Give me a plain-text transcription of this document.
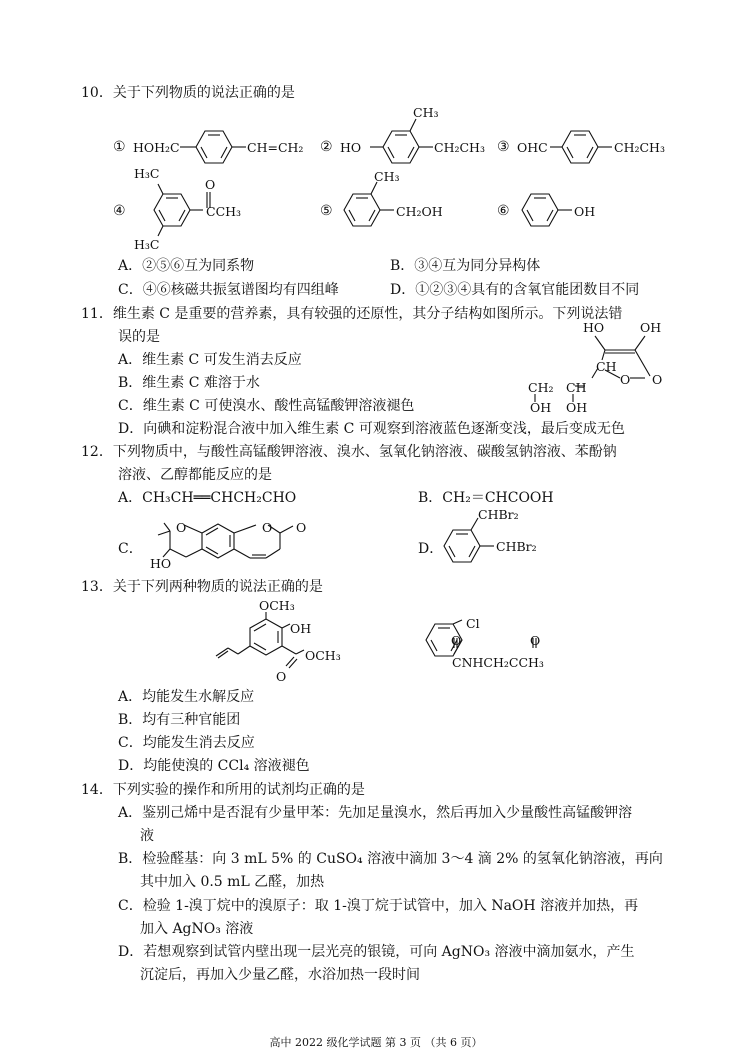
10．关于下列物质的说法正确的是
① HOH₂C	CH=CH₂ ② HO
CH₃
CH₂CH₃ ③ OHC	CH₂CH₃
④
H₃C
H₃C
O
CCH₃	⑤
CH₃
CH₂OH	⑥	OH
A．②⑤⑥互为同系物	B．③④互为同分异构体
C．④⑥核磁共振氢谱图均有四组峰	D．①②③④具有的含氧官能团数目不同
11．维生素 C 是重要的营养素，具有较强的还原性，其分子结构如图所示。下列说法错
误的是
A．维生素 C 可发生消去反应
B．维生素 C 难溶于水
C．维生素 C 可使溴水、酸性高锰酸钾溶液褪色
D．向碘和淀粉混合液中加入维生素 C 可观察到溶液蓝色逐渐变浅，最后变成无色
HO	OH
CH
O O
CH₂ CH
OH OH
12．下列物质中，与酸性高锰酸钾溶液、溴水、氢氧化钠溶液、碳酸氢钠溶液、苯酚钠
溶液、乙醇都能反应的是
A．CH₃CH══CHCH₂CHO	B．CH₂＝CHCOOH
C．
HO
O	O O
D．
CHBr₂
CHBr₂
13．关于下列两种物质的说法正确的是
OCH₃
OH
OCH₃
O
Cl
O	O
CNHCH₂CCH₃
A．均能发生水解反应
B．均有三种官能团
C．均能发生消去反应
D．均能使溴的 CCl₄ 溶液褪色
14．下列实验的操作和所用的试剂均正确的是
A．鉴别己烯中是否混有少量甲苯：先加足量溴水，然后再加入少量酸性高锰酸钾溶
液
B．检验醛基：向 3 mL 5% 的 CuSO₄ 溶液中滴加 3～4 滴 2% 的氢氧化钠溶液，再向
其中加入 0.5 mL 乙醛，加热
C．检验 1-溴丁烷中的溴原子：取 1-溴丁烷于试管中，加入 NaOH 溶液并加热，再
加入 AgNO₃ 溶液
D．若想观察到试管内壁出现一层光亮的银镜，可向 AgNO₃ 溶液中滴加氨水，产生
沉淀后，再加入少量乙醛，水浴加热一段时间
高中 2022 级化学试题 第 3 页 （共 6 页）
